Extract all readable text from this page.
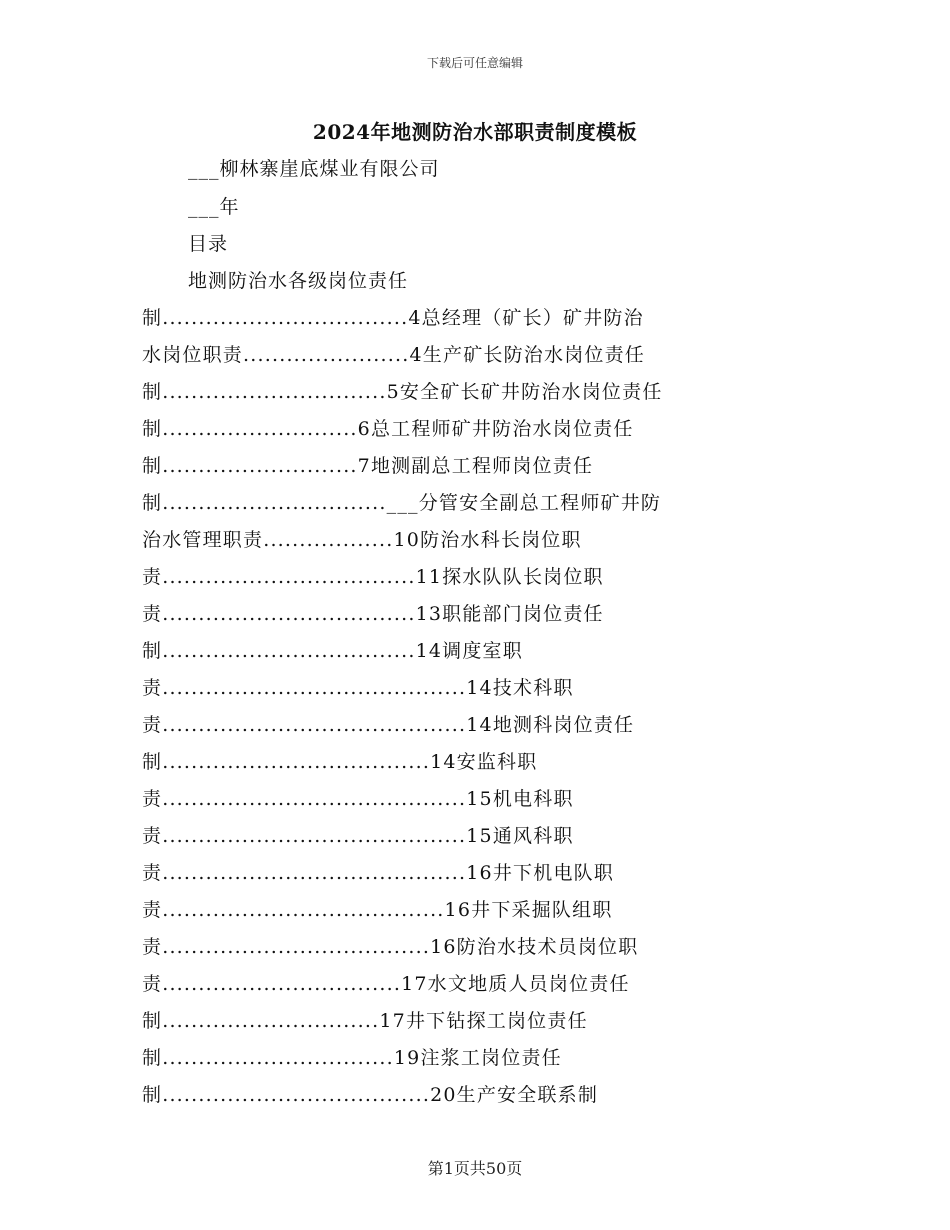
下载后可任意编辑
2024年地测防治水部职责制度模板
___柳林寨崖底煤业有限公司
___年
目录
地测防治水各级岗位责任
制..................................4总经理（矿长）矿井防治
水岗位职责.......................4生产矿长防治水岗位责任
制...............................5安全矿长矿井防治水岗位责任
制...........................6总工程师矿井防治水岗位责任
制...........................7地测副总工程师岗位责任
制...............................___分管安全副总工程师矿井防
治水管理职责..................10防治水科长岗位职
责...................................11探水队队长岗位职
责...................................13职能部门岗位责任
制...................................14调度室职
责..........................................14技术科职
责..........................................14地测科岗位责任
制.....................................14安监科职
责..........................................15机电科职
责..........................................15通风科职
责..........................................16井下机电队职
责.......................................16井下采掘队组职
责.....................................16防治水技术员岗位职
责.................................17水文地质人员岗位责任
制..............................17井下钻探工岗位责任
制................................19注浆工岗位责任
制.....................................20生产安全联系制
第1页共50页
